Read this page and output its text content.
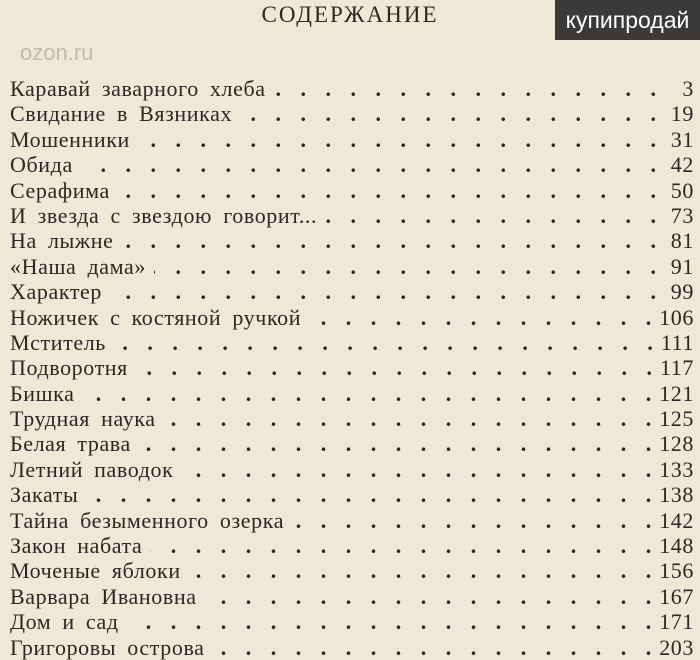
СОДЕРЖАНИЕ
Каравай заварного хлеба . . .	3
Свидание в Вязниках . . .	19
Мошенники . . .	31
Обида . . .	42
Серафима . . .	50
И звезда с звездою говорит... . . .	73
На лыжне . . .	81
«Наша дама» . . .	91
Характер . . .	99
Ножичек с костяной ручкой . . .	106
Мститель . . .	111
Подворотня . . .	117
Бишка . . .	121
Трудная наука . . .	125
Белая трава . . .	128
Летний паводок . . .	133
Закаты . . .	138
Тайна безыменного озерка . . .	142
Закон набата . . .	148
Моченые яблоки . . .	156
Варвара Ивановна . . .	167
Дом и сад . . .	171
Григоровы острова . . .	203
ozon.ru
купипродай
